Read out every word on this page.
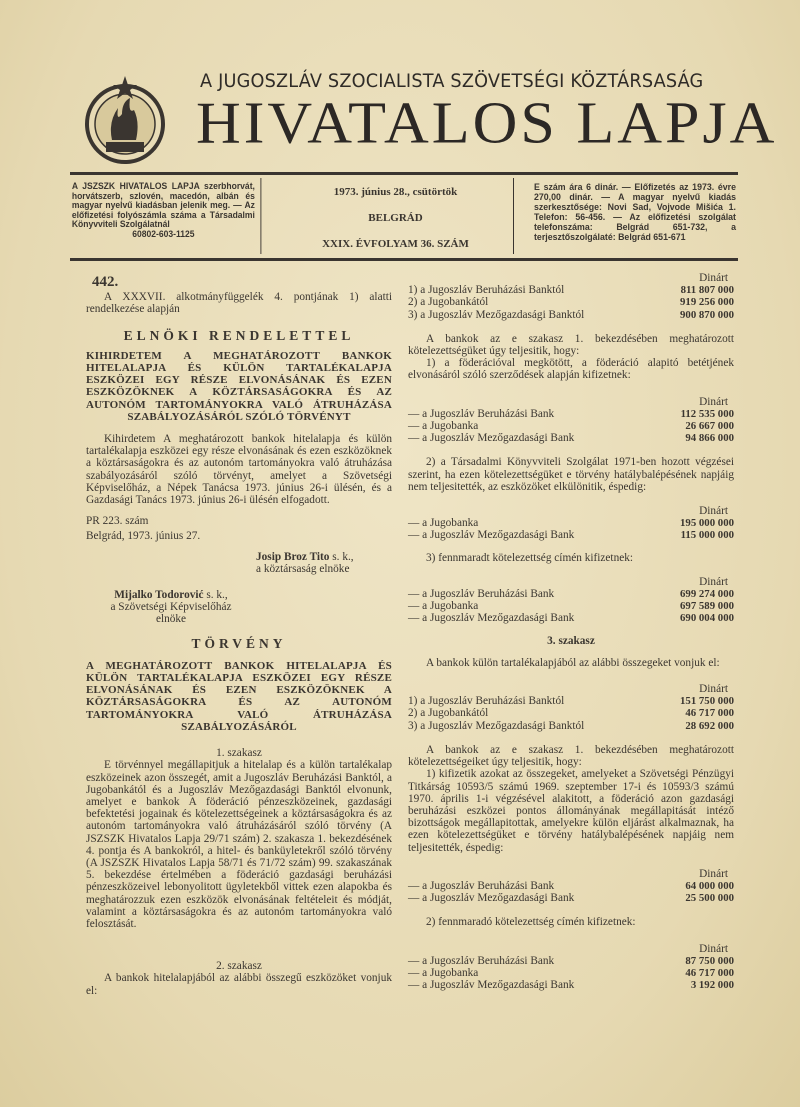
A JUGOSZLÁV SZOCIALISTA SZÖVETSÉGI KÖZTÁRSASÁG
HIVATALOS LAPJA
A JSZSZK HIVATALOS LAPJA szerbhorvát, horvátszerb, szlovén, macedón, albán és magyar nyelvű kiadásban jelenik meg. — Az előfizetési folyószámla száma a Társadalmi Könyvviteli Szolgálatnál
60802-603-1125
1973. június 28., csütörtök
BELGRÁD
XXIX. ÉVFOLYAM 36. SZÁM
E szám ára 6 dinár. — Előfizetés az 1973. évre 270,00 dinár. — A magyar nyelvű kiadás szerkesztősége: Novi Sad, Vojvode Mišića 1. Telefon: 56-456. — Az előfizetési szolgálat telefonszáma: Belgrád 651-732, a terjesztőszolgálaté: Belgrád 651-671
442.
A XXXVII. alkotmányfüggelék 4. pontjának 1) alatti rendelkezése alapján
ELNÖKI RENDELETTEL
KIHIRDETEM A MEGHATÁROZOTT BANKOK HITELALAPJA ÉS KÜLÖN TARTALÉKALAPJA ESZKÖZEI EGY RÉSZE ELVONÁSÁNAK ÉS EZEN ESZKÖZÖKNEK A KÖZTÁRSASÁGOKRA ÉS AZ AUTONÓM TARTOMÁNYOKRA VALÓ ÁTRUHÁZÁSA SZABÁLYOZÁSÁRÓL SZÓLÓ TÖRVÉNYT
Kihirdetem A meghatározott bankok hitelalapja és külön tartalékalapja eszközei egy része elvonásának és ezen eszközöknek a köztársaságokra és az autonóm tartományokra való átruházása szabályozásáról szóló törvényt, amelyet a Szövetségi Képviselőház, a Népek Tanácsa 1973. június 26-i ülésén, és a Gazdasági Tanács 1973. június 26-i ülésén elfogadott.
PR 223. szám
Belgrád, 1973. június 27.
Josip Broz Tito s. k.,
a köztársaság elnöke
Mijalko Todorović s. k.,
a Szövetségi Képviselőház
elnöke
TÖRVÉNY
A MEGHATÁROZOTT BANKOK HITELALAPJA ÉS KÜLÖN TARTALÉKALAPJA ESZKÖZEI EGY RÉSZE ELVONÁSÁNAK ÉS EZEN ESZKÖZÖKNEK A KÖZTÁRSASÁGOKRA ÉS AZ AUTONÓM TARTOMÁNYOKRA VALÓ ÁTRUHÁZÁSA SZABÁLYOZÁSÁRÓL
1. szakasz
E törvénnyel megállapitjuk a hitelalap és a külön tartalékalap eszközeinek azon összegét, amit a Jugoszláv Beruházási Banktól, a Jugobankától és a Jugoszláv Mezőgazdasági Banktól elvonunk, amelyet e bankok A föderáció pénzeszközeinek, gazdasági befektetési jogainak és kötelezettségeinek a köztársaságokra és az autonóm tartományokra való átruházásáról szóló törvény (A JSZSZK Hivatalos Lapja 29/71 szám) 2. szakasza 1. bekezdésének 4. pontja és A bankokról, a hitel- és banküyletekről szóló törvény (A JSZSZK Hivatalos Lapja 58/71 és 71/72 szám) 99. szakaszának 5. bekezdése értelmében a föderáció gazdasági beruházási pénzeszközeivel lebonyolitott ügyletekből vittek ezen alapokba és meghatározzuk ezen eszközök elvonásának feltételeit és módját, valamint a köztársaságokra és az autonóm tartományokra való felosztását.
2. szakasz
A bankok hitelalapjából az alábbi összegű eszközöket vonjuk el:
Dinárt
1) a Jugoszláv Beruházási Banktól	811 807 000
2) a Jugobankától	919 256 000
3) a Jugoszláv Mezőgazdasági Banktól	900 870 000
A bankok az e szakasz 1. bekezdésében meghatározott kötelezettségüket úgy teljesitik, hogy:
1) a föderációval megkötött, a föderáció alapitó betétjének elvonásáról szóló szerződések alapján kifizetnek:
Dinárt
— a Jugoszláv Beruházási Bank	112 535 000
— a Jugobanka	26 667 000
— a Jugoszláv Mezőgazdasági Bank	94 866 000
2) a Társadalmi Könyvviteli Szolgálat 1971-ben hozott végzései szerint, ha ezen kötelezettségüket e törvény hatálybalépésének napjáig nem teljesitették, az eszközöket elkülönitik, éspedig:
Dinárt
— a Jugobanka	195 000 000
— a Jugoszláv Mezőgazdasági Bank	115 000 000
3) fennmaradt kötelezettség címén kifizetnek:
Dinárt
— a Jugoszláv Beruházási Bank	699 274 000
— a Jugobanka	697 589 000
— a Jugoszláv Mezőgazdasági Bank	690 004 000
3. szakasz
A bankok külön tartalékalapjából az alábbi összegeket vonjuk el:
Dinárt
1) a Jugoszláv Beruházási Banktól	151 750 000
2) a Jugobankától	46 717 000
3) a Jugoszláv Mezőgazdasági Banktól	28 692 000
A bankok az e szakasz 1. bekezdésében meghatározott kötelezettségeiket úgy teljesitik, hogy:
1) kifizetik azokat az összegeket, amelyeket a Szövetségi Pénzügyi Titkárság 10593/5 számú 1969. szeptember 17-i és 10593/3 számú 1970. április 1-i végzésével alakitott, a föderáció azon gazdasági beruházási eszközei pontos állományának megállapitását intéző bizottságok megállapitottak, amelyekre külön eljárást alkalmaznak, ha ezen kötelezettségüket e törvény hatálybalépésének napjáig nem teljesitették, éspedig:
Dinárt
— a Jugoszláv Beruházási Bank	64 000 000
— a Jugoszláv Mezőgazdasági Bank	25 500 000
2) fennmaradó kötelezettség címén kifizetnek:
Dinárt
— a Jugoszláv Beruházási Bank	87 750 000
— a Jugobanka	46 717 000
— a Jugoszláv Mezőgazdasági Bank	3 192 000
